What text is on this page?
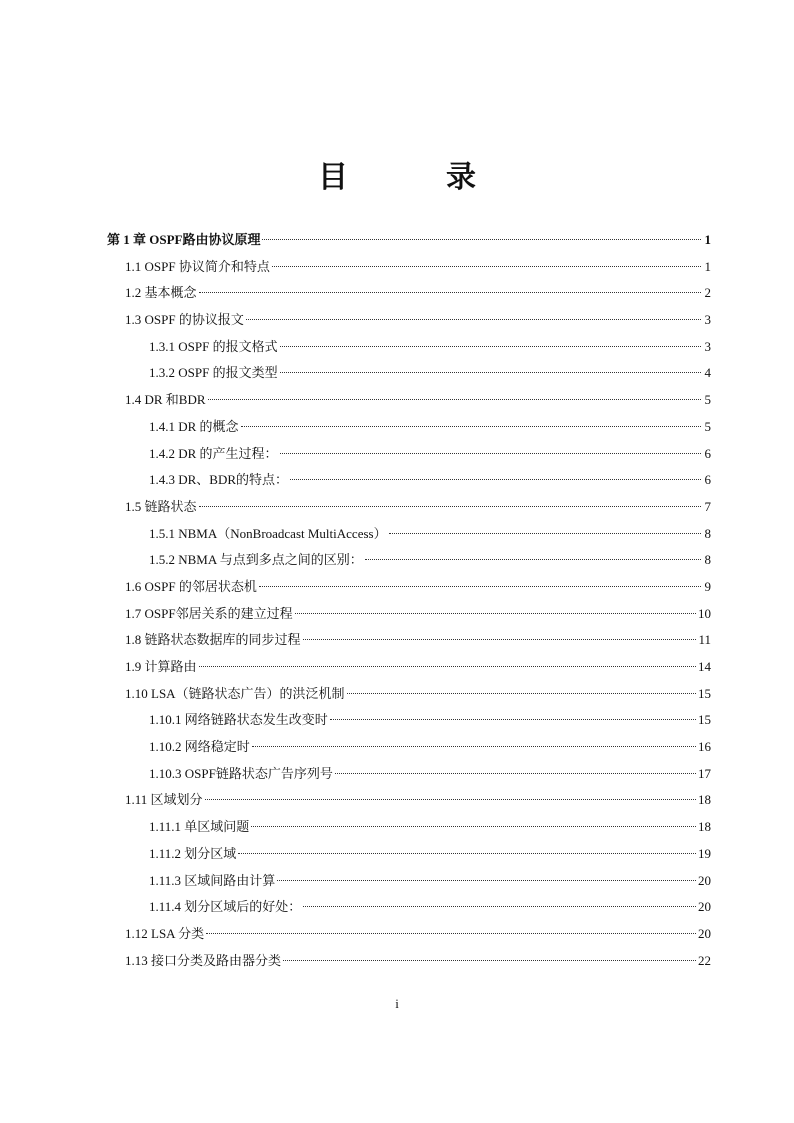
目　录
第 1 章 OSPF路由协议原理	1
1.1 OSPF 协议简介和特点	1
1.2 基本概念	2
1.3 OSPF 的协议报文	3
1.3.1 OSPF 的报文格式	3
1.3.2 OSPF 的报文类型	4
1.4 DR 和BDR	5
1.4.1 DR 的概念	5
1.4.2 DR 的产生过程：	6
1.4.3 DR、BDR的特点：	6
1.5 链路状态	7
1.5.1 NBMA（NonBroadcast MultiAccess）	8
1.5.2 NBMA 与点到多点之间的区别：	8
1.6 OSPF 的邻居状态机	9
1.7 OSPF邻居关系的建立过程	10
1.8 链路状态数据库的同步过程	11
1.9 计算路由	14
1.10 LSA（链路状态广告）的洪泛机制	15
1.10.1 网络链路状态发生改变时	15
1.10.2 网络稳定时	16
1.10.3 OSPF链路状态广告序列号	17
1.11 区域划分	18
1.11.1 单区域问题	18
1.11.2 划分区域	19
1.11.3 区域间路由计算	20
1.11.4 划分区域后的好处：	20
1.12 LSA 分类	20
1.13 接口分类及路由器分类	22
i
